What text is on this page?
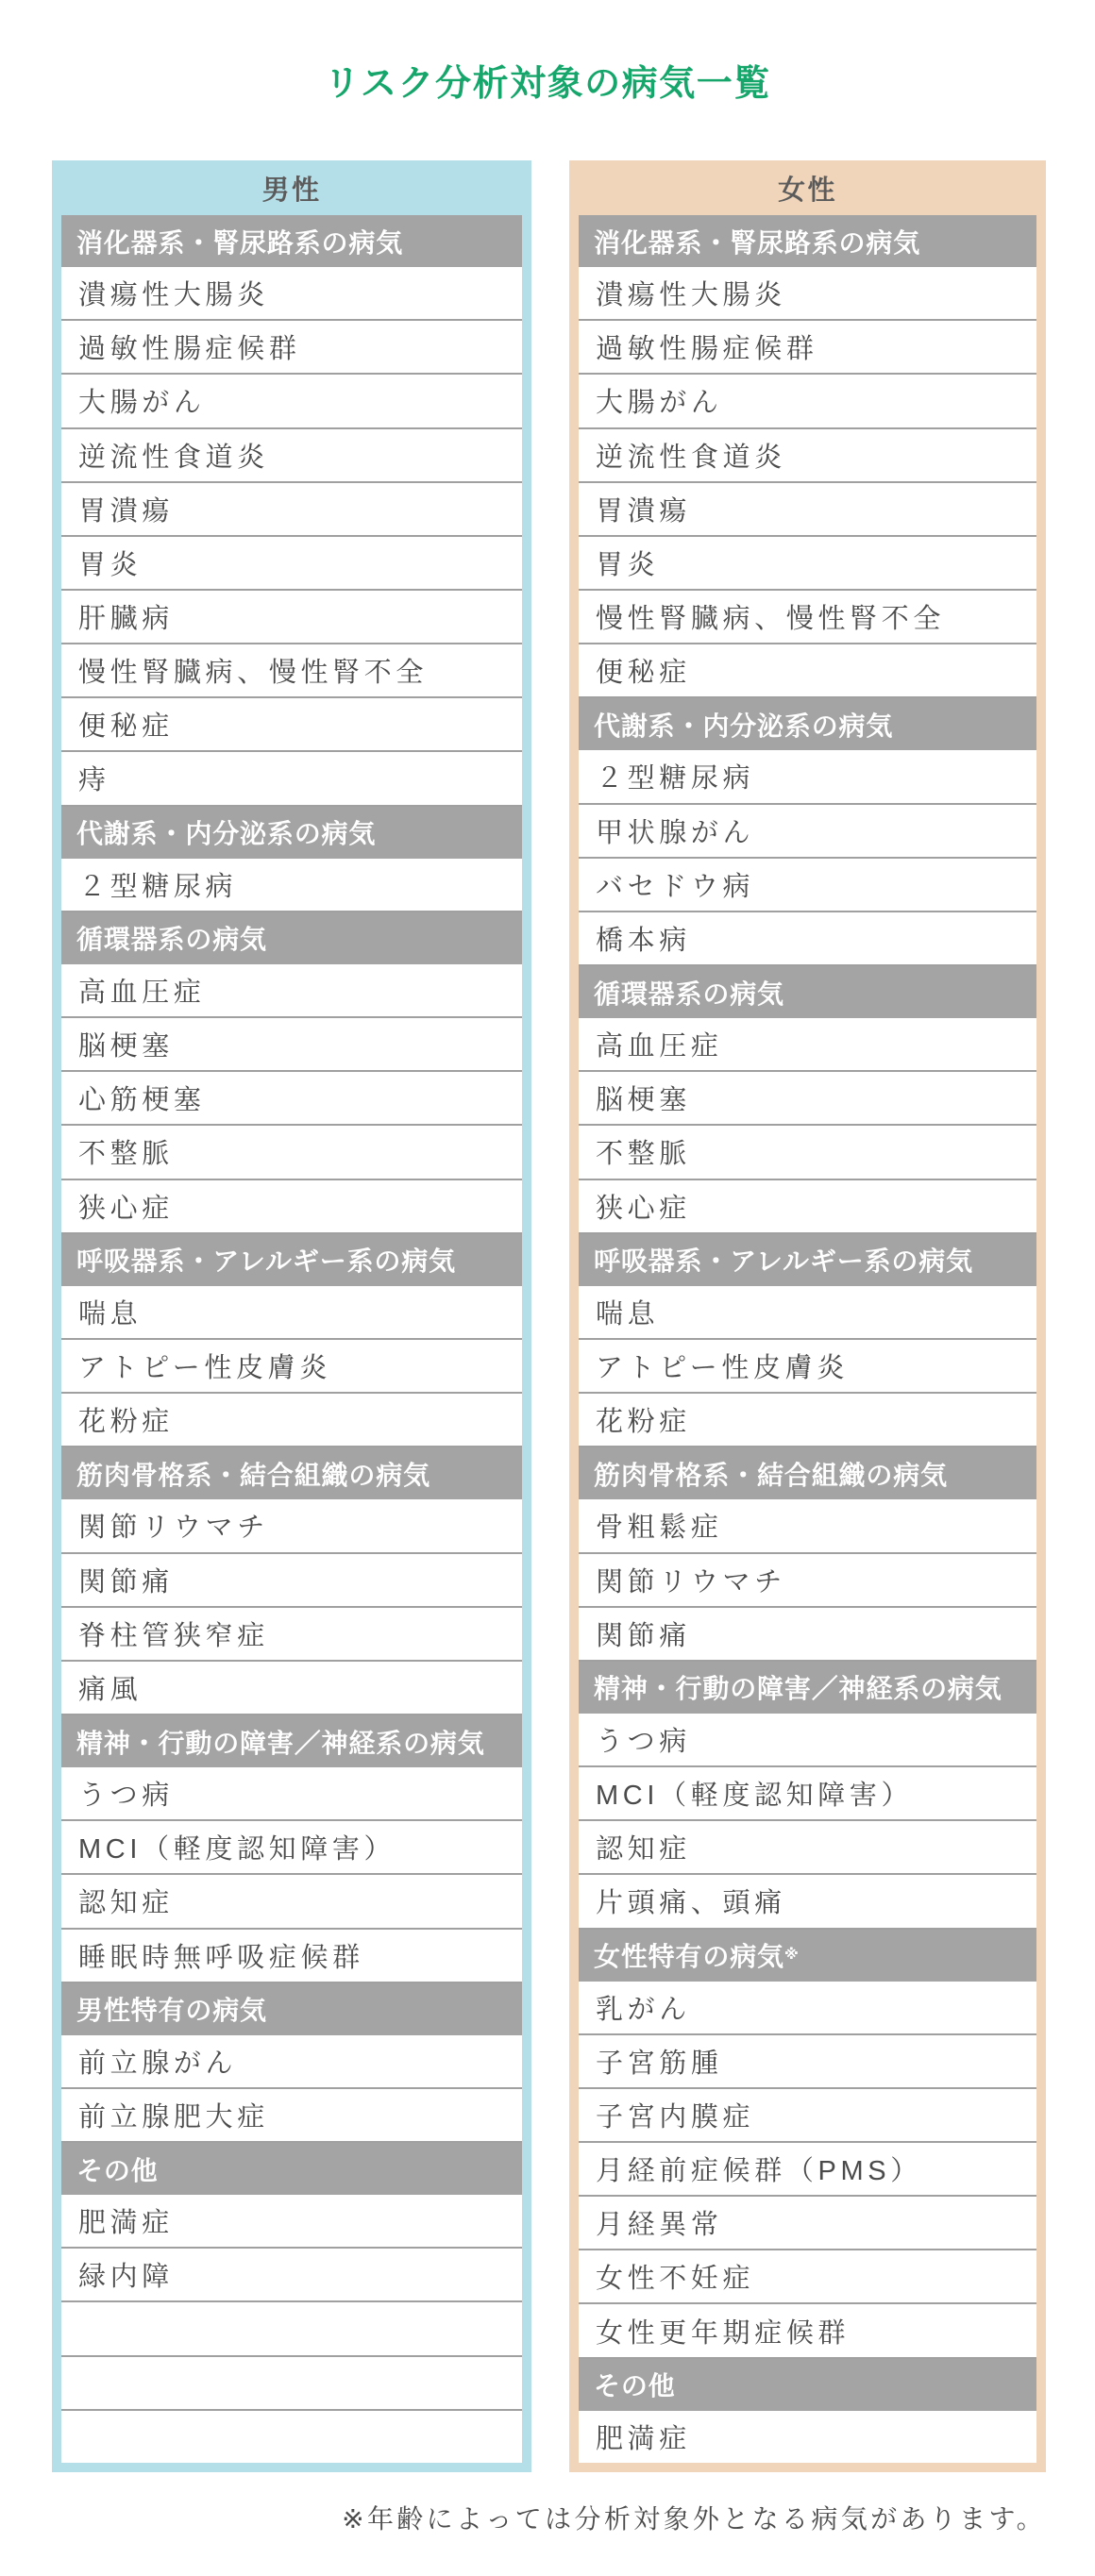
リスク分析対象の病気一覧
男性
消化器系・腎尿路系の病気
潰瘍性大腸炎
過敏性腸症候群
大腸がん
逆流性食道炎
胃潰瘍
胃炎
肝臓病
慢性腎臓病、慢性腎不全
便秘症
痔
代謝系・内分泌系の病気
２型糖尿病
循環器系の病気
高血圧症
脳梗塞
心筋梗塞
不整脈
狭心症
呼吸器系・アレルギー系の病気
喘息
アトピー性皮膚炎
花粉症
筋肉骨格系・結合組織の病気
関節リウマチ
関節痛
脊柱管狭窄症
痛風
精神・行動の障害／神経系の病気
うつ病
MCI（軽度認知障害）
認知症
睡眠時無呼吸症候群
男性特有の病気
前立腺がん
前立腺肥大症
その他
肥満症
緑内障
女性
消化器系・腎尿路系の病気
潰瘍性大腸炎
過敏性腸症候群
大腸がん
逆流性食道炎
胃潰瘍
胃炎
慢性腎臓病、慢性腎不全
便秘症
代謝系・内分泌系の病気
２型糖尿病
甲状腺がん
バセドウ病
橋本病
循環器系の病気
高血圧症
脳梗塞
不整脈
狭心症
呼吸器系・アレルギー系の病気
喘息
アトピー性皮膚炎
花粉症
筋肉骨格系・結合組織の病気
骨粗鬆症
関節リウマチ
関節痛
精神・行動の障害／神経系の病気
うつ病
MCI（軽度認知障害）
認知症
片頭痛、頭痛
女性特有の病気 ※
乳がん
子宮筋腫
子宮内膜症
月経前症候群（PMS）
月経異常
女性不妊症
女性更年期症候群
その他
肥満症
※年齢によっては分析対象外となる病気があります。
